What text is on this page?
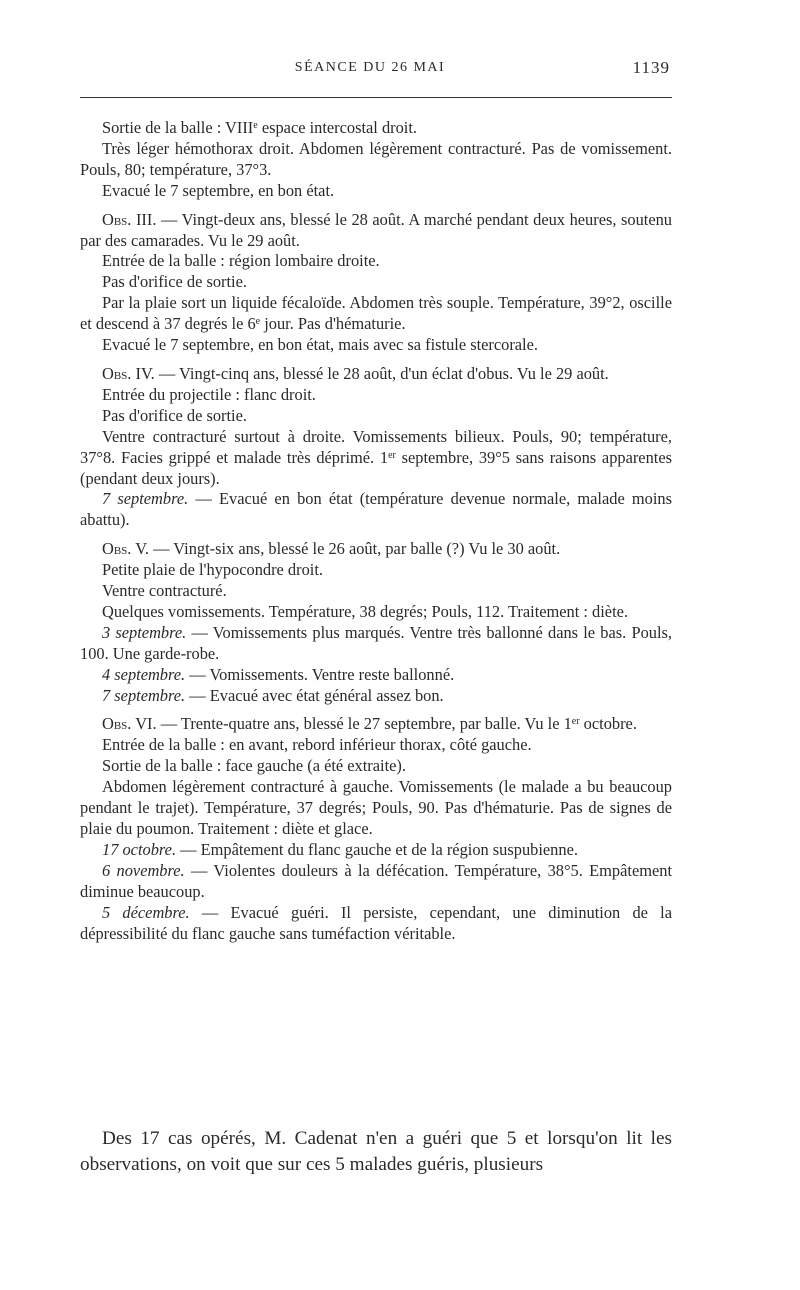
SÉANCE DU 26 MAI	1139

Sortie de la balle : VIIIe espace intercostal droit.

Très léger hémothorax droit. Abdomen légèrement contracturé. Pas de vomissement. Pouls, 80; température, 37°3.

Evacué le 7 septembre, en bon état.

Obs. III. — Vingt-deux ans, blessé le 28 août. A marché pendant deux heures, soutenu par des camarades. Vu le 29 août.

Entrée de la balle : région lombaire droite.

Pas d'orifice de sortie.

Par la plaie sort un liquide fécaloïde. Abdomen très souple. Température, 39°2, oscille et descend à 37 degrés le 6e jour. Pas d'hématurie.

Evacué le 7 septembre, en bon état, mais avec sa fistule stercorale.

Obs. IV. — Vingt-cinq ans, blessé le 28 août, d'un éclat d'obus. Vu le 29 août.

Entrée du projectile : flanc droit.

Pas d'orifice de sortie.

Ventre contracturé surtout à droite. Vomissements bilieux. Pouls, 90; température, 37°8. Facies grippé et malade très déprimé. 1er septembre, 39°5 sans raisons apparentes (pendant deux jours).

7 septembre. — Evacué en bon état (température devenue normale, malade moins abattu).

Obs. V. — Vingt-six ans, blessé le 26 août, par balle (?) Vu le 30 août.

Petite plaie de l'hypocondre droit.

Ventre contracturé.

Quelques vomissements. Température, 38 degrés; Pouls, 112. Traitement : diète.

3 septembre. — Vomissements plus marqués. Ventre très ballonné dans le bas. Pouls, 100. Une garde-robe.

4 septembre. — Vomissements. Ventre reste ballonné.

7 septembre. — Evacué avec état général assez bon.

Obs. VI. — Trente-quatre ans, blessé le 27 septembre, par balle. Vu le 1er octobre.

Entrée de la balle : en avant, rebord inférieur thorax, côté gauche.

Sortie de la balle : face gauche (a été extraite).

Abdomen légèrement contracturé à gauche. Vomissements (le malade a bu beaucoup pendant le trajet). Température, 37 degrés; Pouls, 90. Pas d'hématurie. Pas de signes de plaie du poumon. Traitement : diète et glace.

17 octobre. — Empâtement du flanc gauche et de la région suspubienne.

6 novembre. — Violentes douleurs à la défécation. Température, 38°5. Empâtement diminue beaucoup.

5 décembre. — Evacué guéri. Il persiste, cependant, une diminution de la dépressibilité du flanc gauche sans tuméfaction véritable.

Des 17 cas opérés, M. Cadenat n'en a guéri que 5 et lorsqu'on lit les observations, on voit que sur ces 5 malades guéris, plusieurs
